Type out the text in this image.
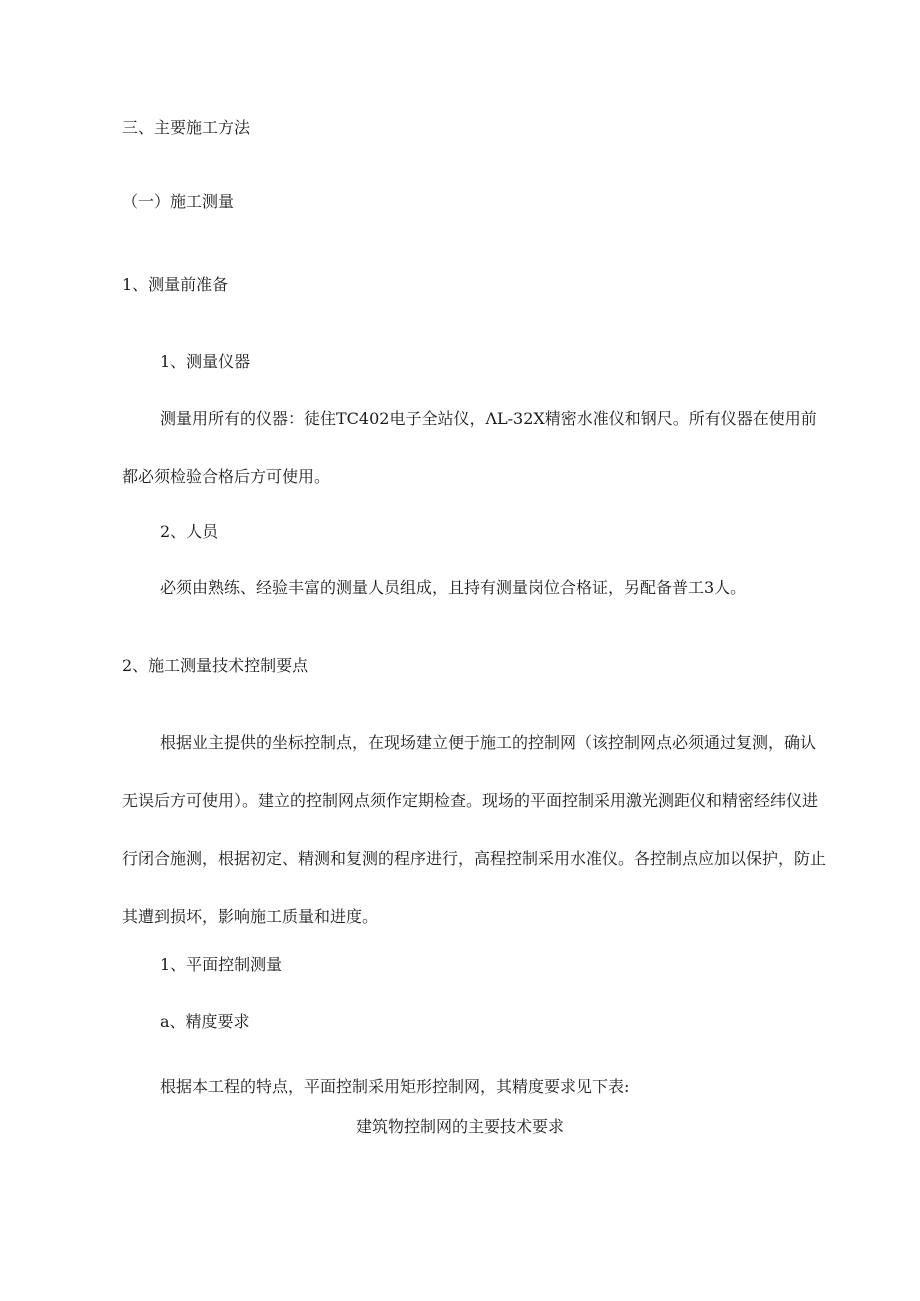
三、主要施工方法
（一）施工测量
1、测量前准备
1、测量仪器
测量用所有的仪器：徒住TC402电子全站仪，ΛL-32X精密水准仪和钢尺。所有仪器在使用前都必须检验合格后方可使用。
2、人员
必须由熟练、经验丰富的测量人员组成，且持有测量岗位合格证，另配备普工3人。
2、施工测量技术控制要点
根据业主提供的坐标控制点，在现场建立便于施工的控制网（该控制网点必须通过复测，确认无误后方可使用）。建立的控制网点须作定期检查。现场的平面控制采用激光测距仪和精密经纬仪进行闭合施测，根据初定、精测和复测的程序进行，高程控制采用水准仪。各控制点应加以保护，防止其遭到损坏，影响施工质量和进度。
1、平面控制测量
a、精度要求
根据本工程的特点，平面控制采用矩形控制网，其精度要求见下表:
建筑物控制网的主要技术要求
